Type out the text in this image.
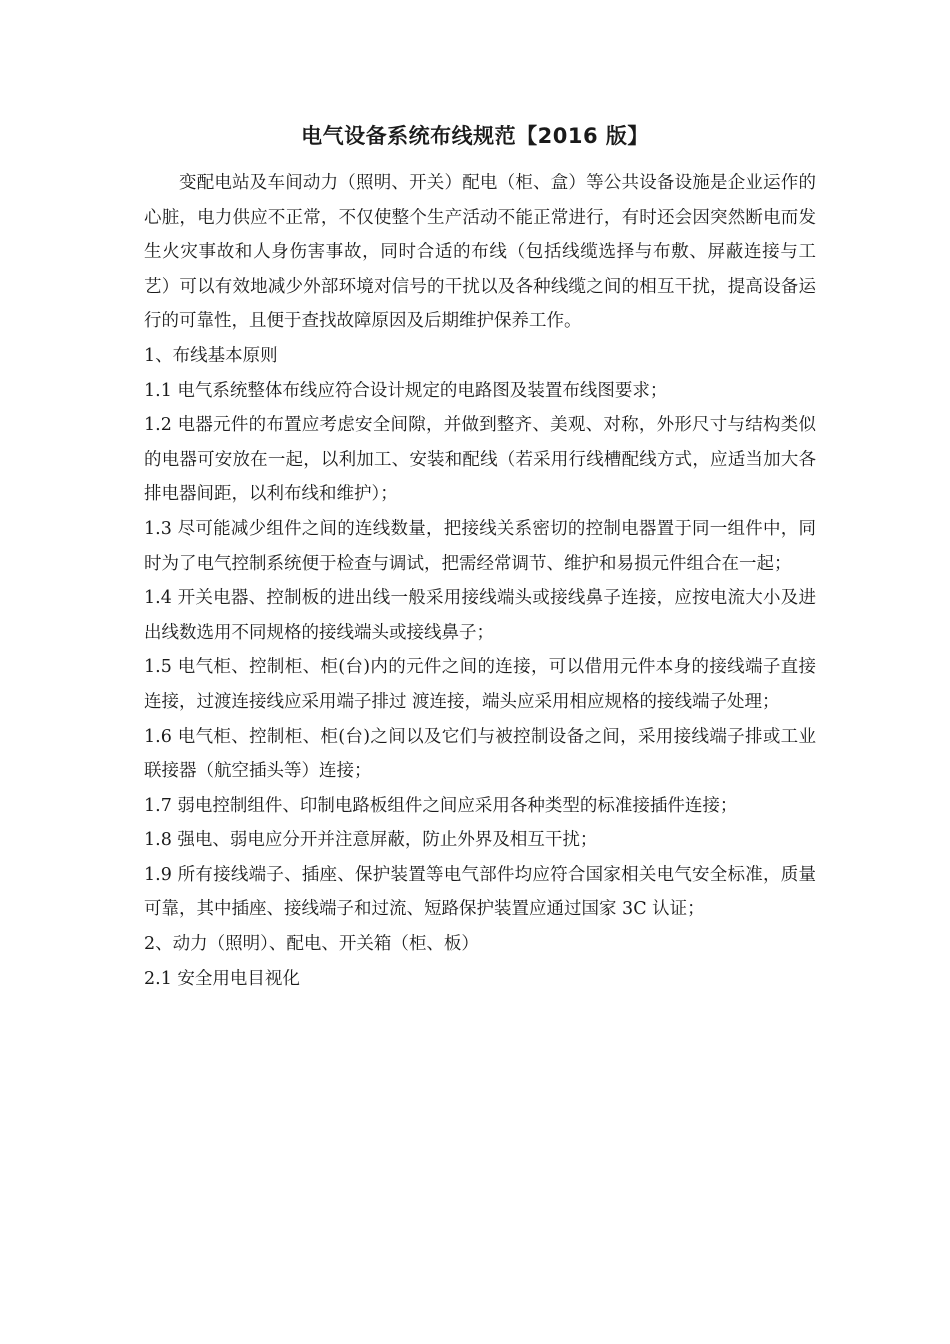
电气设备系统布线规范【2016 版】

变配电站及车间动力（照明、开关）配电（柜、盒）等公共设备设施是企业运作的心脏，电力供应不正常，不仅使整个生产活动不能正常进行，有时还会因突然断电而发生火灾事故和人身伤害事故，同时合适的布线（包括线缆选择与布敷、屏蔽连接与工艺）可以有效地减少外部环境对信号的干扰以及各种线缆之间的相互干扰，提高设备运行的可靠性，且便于查找故障原因及后期维护保养工作。

1、布线基本原则

1.1 电气系统整体布线应符合设计规定的电路图及装置布线图要求；

1.2 电器元件的布置应考虑安全间隙，并做到整齐、美观、对称，外形尺寸与结构类似的电器可安放在一起，以利加工、安装和配线（若采用行线槽配线方式，应适当加大各排电器间距，以利布线和维护）；

1.3 尽可能减少组件之间的连线数量，把接线关系密切的控制电器置于同一组件中，同时为了电气控制系统便于检查与调试，把需经常调节、维护和易损元件组合在一起；

1.4 开关电器、控制板的进出线一般采用接线端头或接线鼻子连接，应按电流大小及进出线数选用不同规格的接线端头或接线鼻子；

1.5 电气柜、控制柜、柜(台)内的元件之间的连接，可以借用元件本身的接线端子直接连接，过渡连接线应采用端子排过 渡连接，端头应采用相应规格的接线端子处理；

1.6 电气柜、控制柜、柜(台)之间以及它们与被控制设备之间，采用接线端子排或工业联接器（航空插头等）连接；

1.7 弱电控制组件、印制电路板组件之间应采用各种类型的标准接插件连接；

1.8 强电、弱电应分开并注意屏蔽，防止外界及相互干扰；

1.9 所有接线端子、插座、保护装置等电气部件均应符合国家相关电气安全标准，质量可靠，其中插座、接线端子和过流、短路保护装置应通过国家 3C 认证；

2、动力（照明）、配电、开关箱（柜、板）

2.1 安全用电目视化
